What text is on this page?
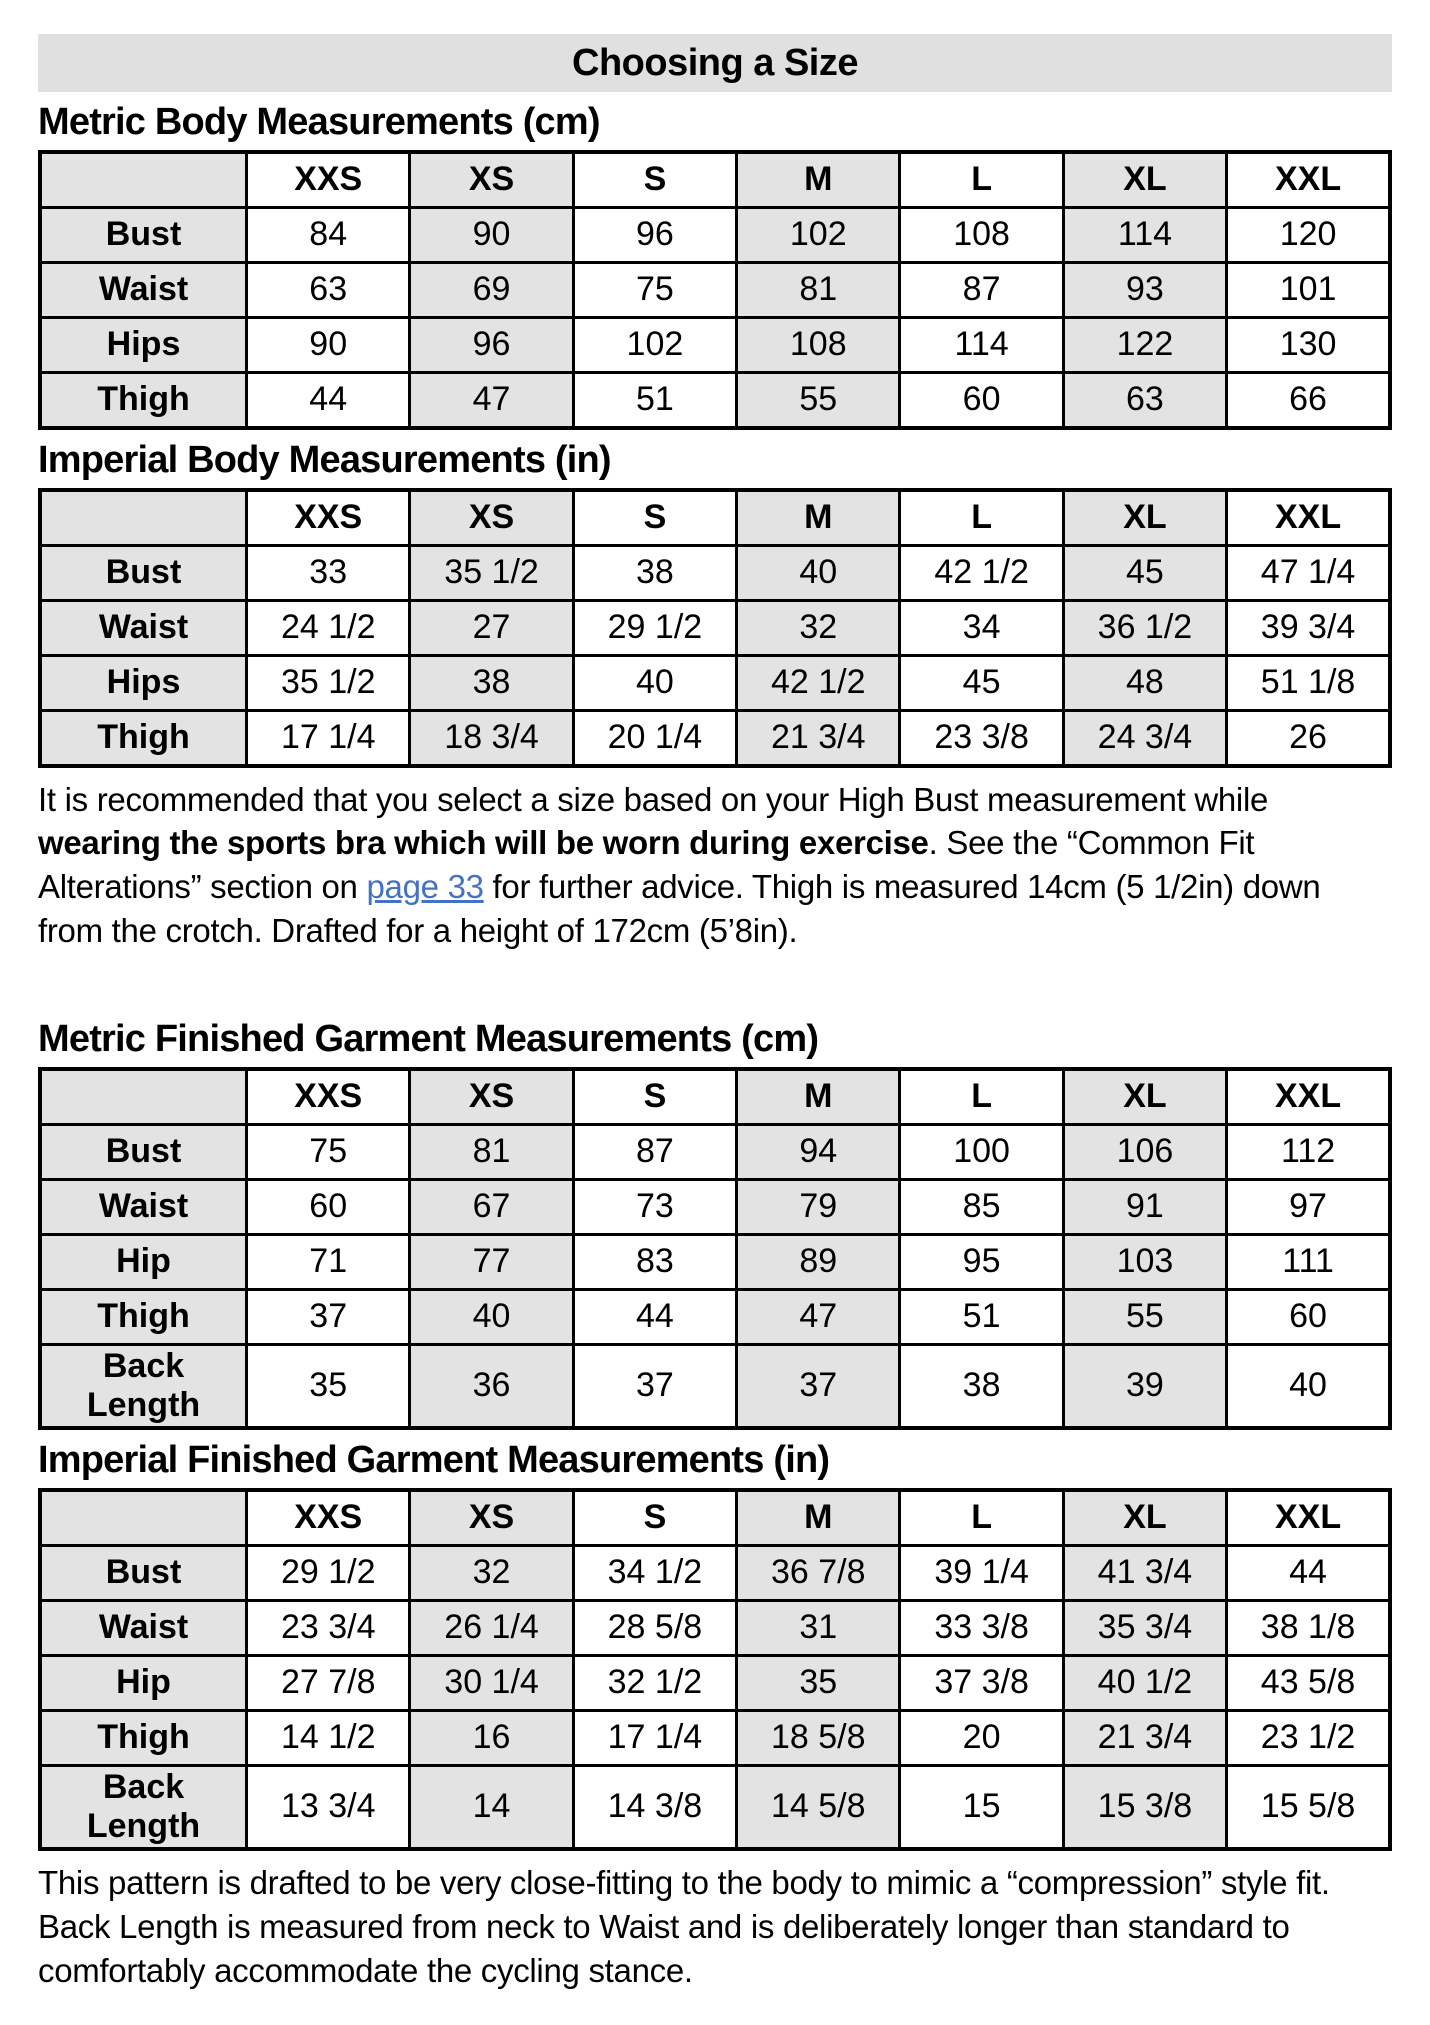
Choosing a Size
Metric Body Measurements (cm)
	XXS	XS	S	M	L	XL	XXL
Bust	84	90	96	102	108	114	120
Waist	63	69	75	81	87	93	101
Hips	90	96	102	108	114	122	130
Thigh	44	47	51	55	60	63	66
Imperial Body Measurements (in)
	XXS	XS	S	M	L	XL	XXL
Bust	33	35 1/2	38	40	42 1/2	45	47 1/4
Waist	24 1/2	27	29 1/2	32	34	36 1/2	39 3/4
Hips	35 1/2	38	40	42 1/2	45	48	51 1/8
Thigh	17 1/4	18 3/4	20 1/4	21 3/4	23 3/8	24 3/4	26

It is recommended that you select a size based on your High Bust measurement while wearing the sports bra which will be worn during exercise. See the “Common Fit Alterations” section on page 33 for further advice. Thigh is measured 14cm (5 1/2in) down from the crotch. Drafted for a height of 172cm (5’8in).

Metric Finished Garment Measurements (cm)
	XXS	XS	S	M	L	XL	XXL
Bust	75	81	87	94	100	106	112
Waist	60	67	73	79	85	91	97
Hip	71	77	83	89	95	103	111
Thigh	37	40	44	47	51	55	60
Back Length	35	36	37	37	38	39	40
Imperial Finished Garment Measurements (in)
	XXS	XS	S	M	L	XL	XXL
Bust	29 1/2	32	34 1/2	36 7/8	39 1/4	41 3/4	44
Waist	23 3/4	26 1/4	28 5/8	31	33 3/8	35 3/4	38 1/8
Hip	27 7/8	30 1/4	32 1/2	35	37 3/8	40 1/2	43 5/8
Thigh	14 1/2	16	17 1/4	18 5/8	20	21 3/4	23 1/2
Back Length	13 3/4	14	14 3/8	14 5/8	15	15 3/8	15 5/8

This pattern is drafted to be very close-fitting to the body to mimic a “compression” style fit. Back Length is measured from neck to Waist and is deliberately longer than standard to comfortably accommodate the cycling stance.
